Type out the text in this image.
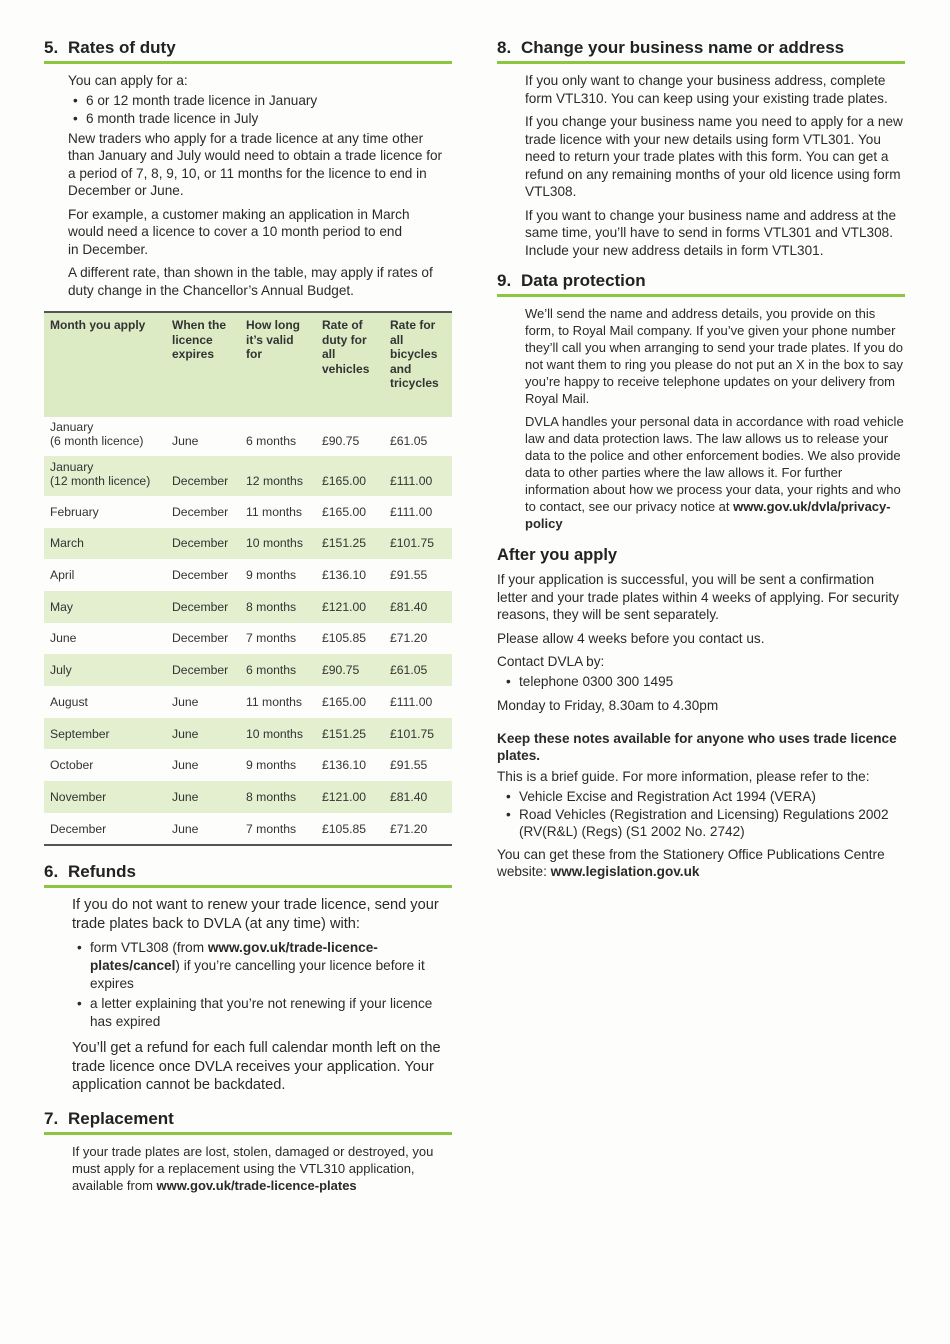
5. Rates of duty

You can apply for a:

• 6 or 12 month trade licence in January
• 6 month trade licence in July

New traders who apply for a trade licence at any time other than January and July would need to obtain a trade licence for a period of 7, 8, 9, 10, or 11 months for the licence to end in December or June.

For example, a customer making an application in March would need a licence to cover a 10 month period to end in December.

A different rate, than shown in the table, may apply if rates of duty change in the Chancellor’s Annual Budget.

Month you apply	When the licence expires	How long it’s valid for	Rate of duty for all vehicles	Rate for all bicycles and tricycles
January
(6 month licence)	June	6 months	£90.75	£61.05
January
(12 month licence)	December	12 months	£165.00	£111.00
February	December	11 months	£165.00	£111.00
March	December	10 months	£151.25	£101.75
April	December	9 months	£136.10	£91.55
May	December	8 months	£121.00	£81.40
June	December	7 months	£105.85	£71.20
July	December	6 months	£90.75	£61.05
August	June	11 months	£165.00	£111.00
September	June	10 months	£151.25	£101.75
October	June	9 months	£136.10	£91.55
November	June	8 months	£121.00	£81.40
December	June	7 months	£105.85	£71.20
6. Refunds

If you do not want to renew your trade licence, send your trade plates back to DVLA (at any time) with:

• form VTL308 (from www.gov.uk/trade-licence-plates/cancel) if you’re cancelling your licence before it expires
• a letter explaining that you’re not renewing if your licence has expired

You’ll get a refund for each full calendar month left on the trade licence once DVLA receives your application. Your application cannot be backdated.

7. Replacement

If your trade plates are lost, stolen, damaged or destroyed, you must apply for a replacement using the VTL310 application, available from www.gov.uk/trade-licence-plates

8. Change your business name or address

If you only want to change your business address, complete form VTL310. You can keep using your existing trade plates.

If you change your business name you need to apply for a new trade licence with your new details using form VTL301. You need to return your trade plates with this form. You can get a refund on any remaining months of your old licence using form VTL308.

If you want to change your business name and address at the same time, you’ll have to send in forms VTL301 and VTL308. Include your new address details in form VTL301.

9. Data protection

We’ll send the name and address details, you provide on this form, to Royal Mail company. If you’ve given your phone number they’ll call you when arranging to send your trade plates. If you do not want them to ring you please do not put an X in the box to say you’re happy to receive telephone updates on your delivery from Royal Mail.

DVLA handles your personal data in accordance with road vehicle law and data protection laws. The law allows us to release your data to the police and other enforcement bodies. We also provide data to other parties where the law allows it. For further information about how we process your data, your rights and who to contact, see our privacy notice at www.gov.uk/dvla/privacy-policy

After you apply

If your application is successful, you will be sent a confirmation letter and your trade plates within 4 weeks of applying. For security reasons, they will be sent separately.

Please allow 4 weeks before you contact us.

Contact DVLA by:

• telephone 0300 300 1495

Monday to Friday, 8.30am to 4.30pm

Keep these notes available for anyone who uses trade licence plates.

This is a brief guide. For more information, please refer to the:

• Vehicle Excise and Registration Act 1994 (VERA)
• Road Vehicles (Registration and Licensing) Regulations 2002 (RV(R&L) (Regs) (S1 2002 No. 2742)

You can get these from the Stationery Office Publications Centre website: www.legislation.gov.uk
